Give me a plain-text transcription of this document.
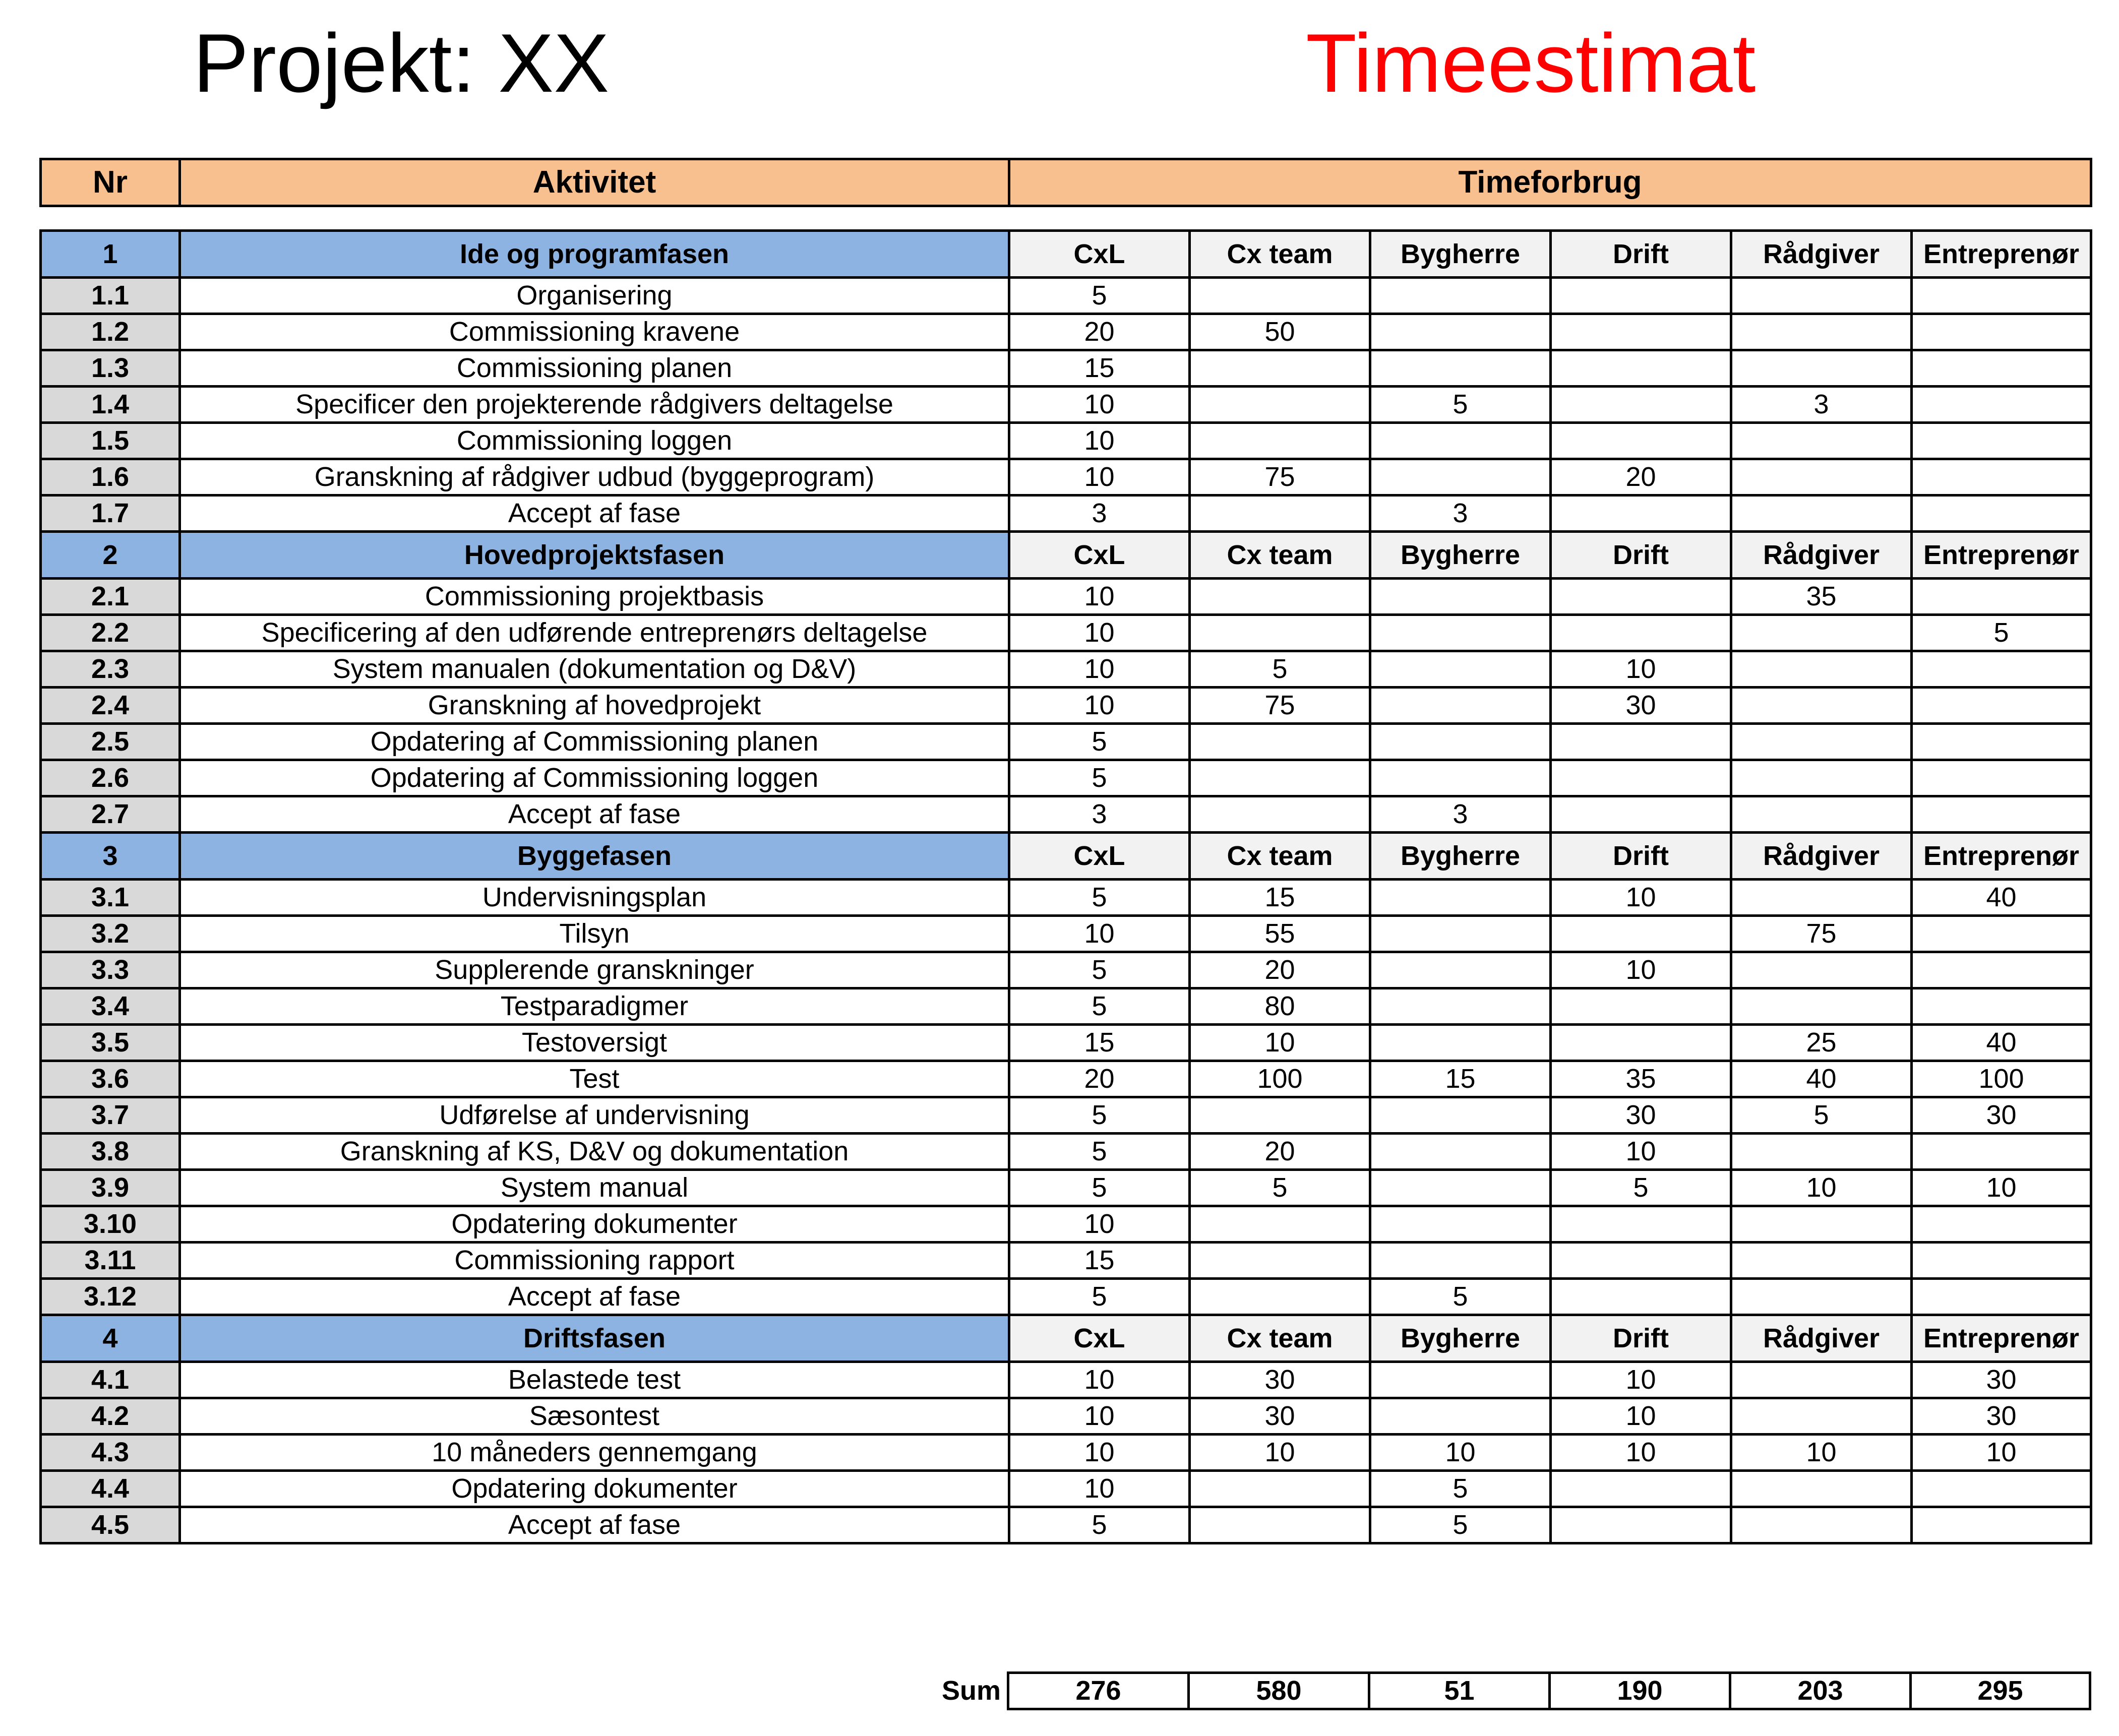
Projekt: XX	Timeestimat
Nr	Aktivitet	Timeforbrug
1	Ide og programfasen	CxL	Cx team	Bygherre	Drift	Rådgiver	Entreprenør
1.1	Organisering	5					
1.2	Commissioning kravene	20	50				
1.3	Commissioning planen	15					
1.4	Specificer den projekterende rådgivers deltagelse	10		5		3	
1.5	Commissioning loggen	10					
1.6	Granskning af rådgiver udbud (byggeprogram)	10	75		20		
1.7	Accept af fase	3		3			
2	Hovedprojektsfasen	CxL	Cx team	Bygherre	Drift	Rådgiver	Entreprenør
2.1	Commissioning projektbasis	10				35	
2.2	Specificering af den udførende entreprenørs deltagelse	10					5
2.3	System manualen (dokumentation og D&V)	10	5		10		
2.4	Granskning af hovedprojekt	10	75		30		
2.5	Opdatering af Commissioning planen	5					
2.6	Opdatering af Commissioning loggen	5					
2.7	Accept af fase	3		3			
3	Byggefasen	CxL	Cx team	Bygherre	Drift	Rådgiver	Entreprenør
3.1	Undervisningsplan	5	15		10		40
3.2	Tilsyn	10	55			75	
3.3	Supplerende granskninger	5	20		10		
3.4	Testparadigmer	5	80				
3.5	Testoversigt	15	10			25	40
3.6	Test	20	100	15	35	40	100
3.7	Udførelse af undervisning	5			30	5	30
3.8	Granskning af KS, D&V og dokumentation	5	20		10		
3.9	System manual	5	5		5	10	10
3.10	Opdatering dokumenter	10					
3.11	Commissioning rapport	15					
3.12	Accept af fase	5		5			
4	Driftsfasen	CxL	Cx team	Bygherre	Drift	Rådgiver	Entreprenør
4.1	Belastede test	10	30		10		30
4.2	Sæsontest	10	30		10		30
4.3	10 måneders gennemgang	10	10	10	10	10	10
4.4	Opdatering dokumenter	10		5			
4.5	Accept af fase	5		5			
Sum	276	580	51	190	203	295
